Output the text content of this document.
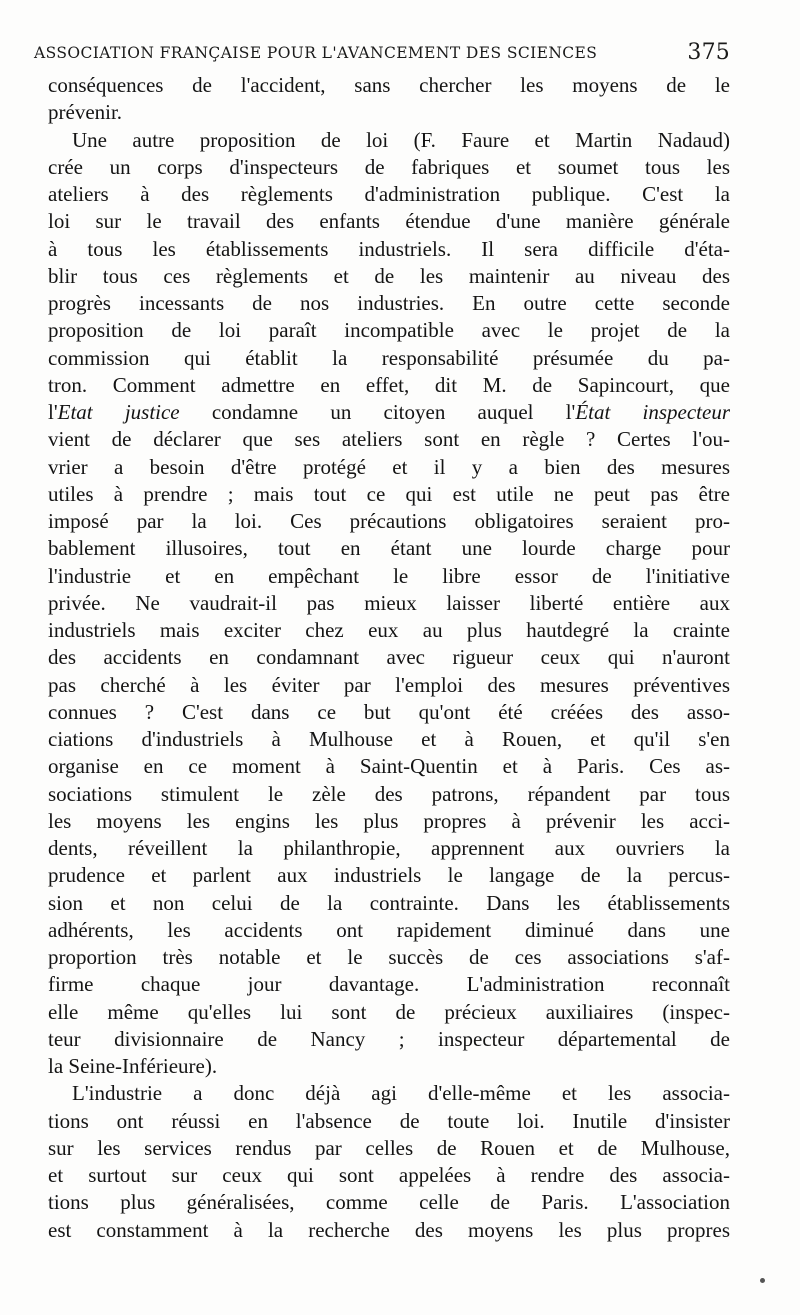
ASSOCIATION FRANÇAISE POUR L'AVANCEMENT DES SCIENCES	375
conséquences de l'accident, sans chercher les moyens de le
prévenir.
Une autre proposition de loi (F. Faure et Martin Nadaud)
crée un corps d'inspecteurs de fabriques et soumet tous les
ateliers à des règlements d'administration publique. C'est la
loi sur le travail des enfants étendue d'une manière générale
à tous les établissements industriels. Il sera difficile d'éta-
blir tous ces règlements et de les maintenir au niveau des
progrès incessants de nos industries. En outre cette seconde
proposition de loi paraît incompatible avec le projet de la
commission qui établit la responsabilité présumée du pa-
tron. Comment admettre en effet, dit M. de Sapincourt, que
l'Etat justice condamne un citoyen auquel l'État inspecteur
vient de déclarer que ses ateliers sont en règle ? Certes l'ou-
vrier a besoin d'être protégé et il y a bien des mesures
utiles à prendre ; mais tout ce qui est utile ne peut pas être
imposé par la loi. Ces précautions obligatoires seraient pro-
bablement illusoires, tout en étant une lourde charge pour
l'industrie et en empêchant le libre essor de l'initiative
privée. Ne vaudrait-il pas mieux laisser liberté entière aux
industriels mais exciter chez eux au plus hautdegré la crainte
des accidents en condamnant avec rigueur ceux qui n'auront
pas cherché à les éviter par l'emploi des mesures préventives
connues ? C'est dans ce but qu'ont été créées des asso-
ciations d'industriels à Mulhouse et à Rouen, et qu'il s'en
organise en ce moment à Saint-Quentin et à Paris. Ces as-
sociations stimulent le zèle des patrons, répandent par tous
les moyens les engins les plus propres à prévenir les acci-
dents, réveillent la philanthropie, apprennent aux ouvriers la
prudence et parlent aux industriels le langage de la percus-
sion et non celui de la contrainte. Dans les établissements
adhérents, les accidents ont rapidement diminué dans une
proportion très notable et le succès de ces associations s'af-
firme chaque jour davantage. L'administration reconnaît
elle même qu'elles lui sont de précieux auxiliaires (inspec-
teur divisionnaire de Nancy ; inspecteur départemental de
la Seine-Inférieure).
L'industrie a donc déjà agi d'elle-même et les associa-
tions ont réussi en l'absence de toute loi. Inutile d'insister
sur les services rendus par celles de Rouen et de Mulhouse,
et surtout sur ceux qui sont appelées à rendre des associa-
tions plus généralisées, comme celle de Paris. L'association
est constamment à la recherche des moyens les plus propres
